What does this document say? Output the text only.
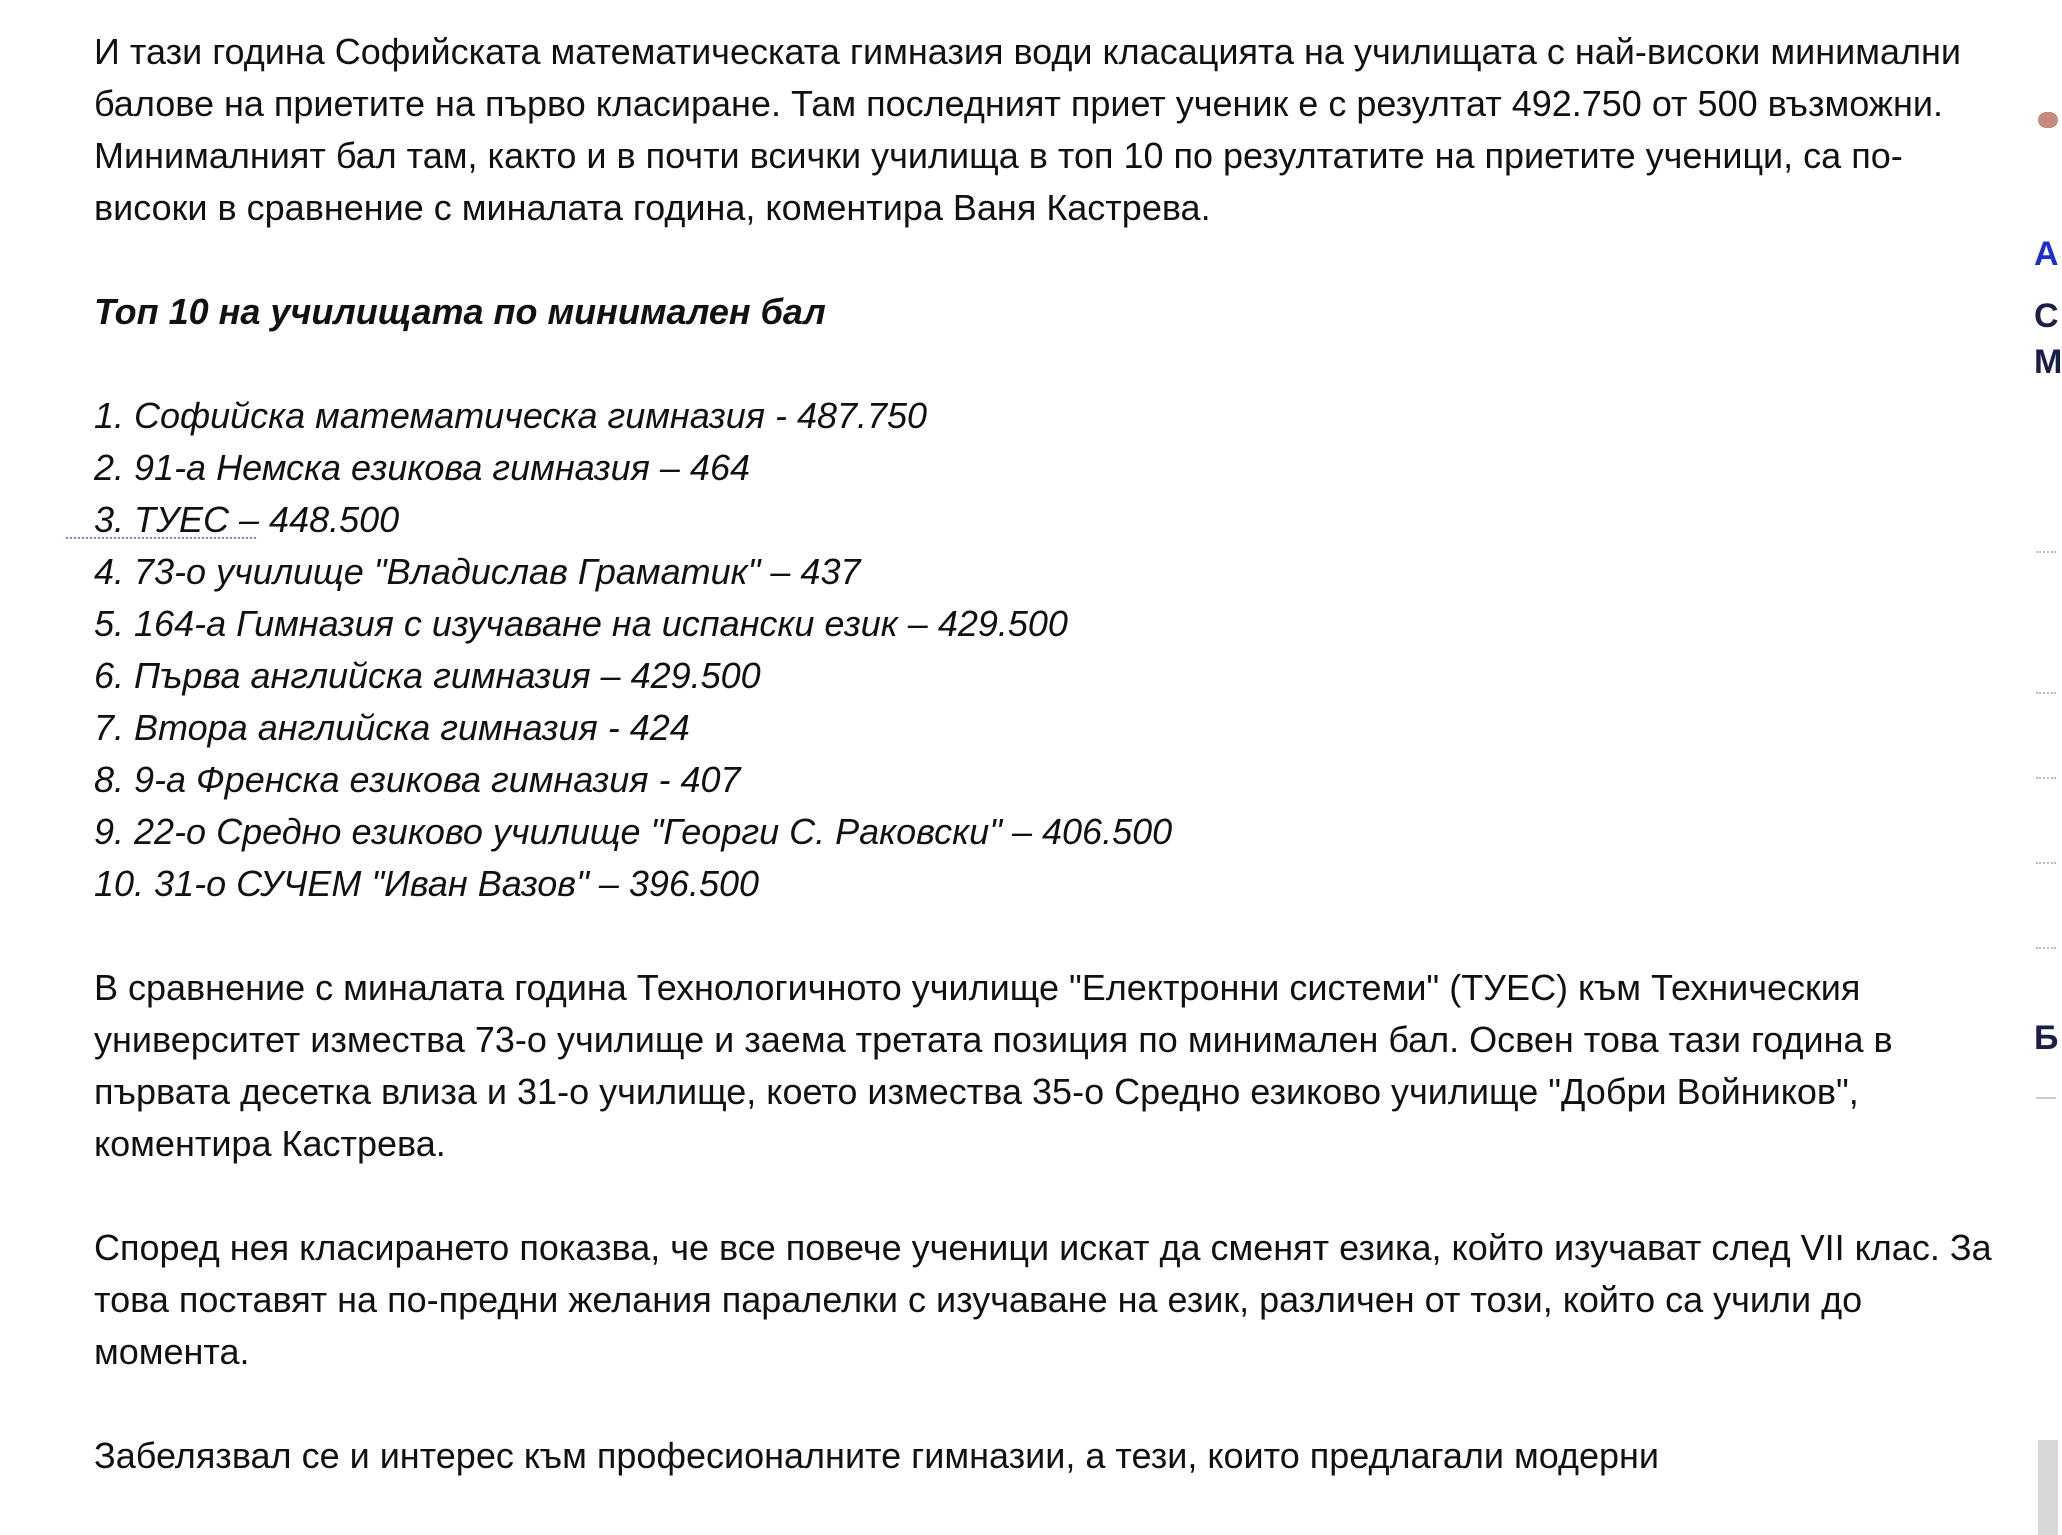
И тази година Софийската математическата гимназия води класацията на училищата с най-високи минимални балове на приетите на първо класиране. Там последният приет ученик е с резултат 492.750 от 500 възможни. Минималният бал там, както и в почти всички училища в топ 10 по резултатите на приетите ученици, са по-високи в сравнение с миналата година, коментира Ваня Кастрева.

Топ 10 на училищата по минимален бал
1. Софийска математическа гимназия - 487.750
2. 91-а Немска езикова гимназия – 464
3. ТУЕС – 448.500
4. 73-о училище "Владислав Граматик" – 437
5. 164-а Гимназия с изучаване на испански език – 429.500
6. Първа английска гимназия – 429.500
7. Втора английска гимназия - 424
8. 9-а Френска езикова гимназия - 407
9. 22-о Средно езиково училище "Георги С. Раковски" – 406.500
10. 31-о СУЧЕМ "Иван Вазов" – 396.500

В сравнение с миналата година Технологичното училище "Електронни системи" (ТУЕС) към Техническия университет измества 73-о училище и заема третата позиция по минимален бал. Освен това тази година в първата десетка влиза и 31-о училище, което измества 35-о Средно езиково училище "Добри Войников", коментира Кастрева.

Според нея класирането показва, че все повече ученици искат да сменят езика, който изучават след VII клас. За това поставят на по-предни желания паралелки с изучаване на език, различен от този, който са учили до момента.

Забелязвал се и интерес към професионалните гимназии, а тези, които предлагали модерни

А
С
М
Б
